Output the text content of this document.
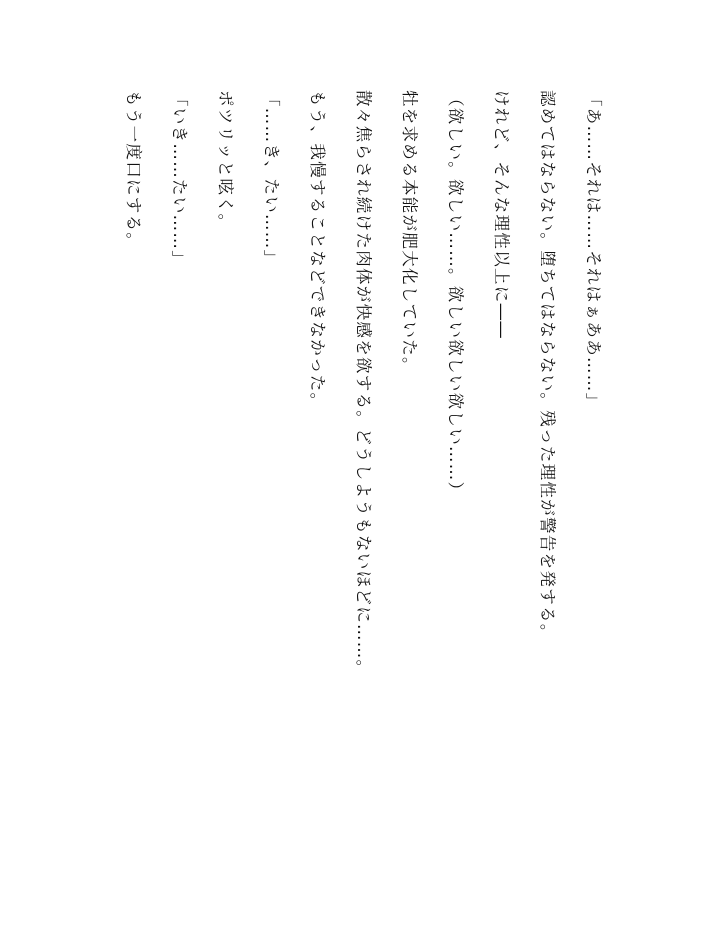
「あ……それは……それはぁああ……」
認めてはならない。堕ちてはならない。残った理性が警告を発する。
けれど、そんな理性以上に――
（欲しい。欲しい……。欲しい欲しい欲しい……）
牡を求める本能が肥大化していた。
散々焦らされ続けた肉体が快感を欲する。どうしようもないほどに……。
もう、我慢することなどできなかった。
「……き、たい……」
ポツリッと呟く。
「いき……たい……」
もう一度口にする。
